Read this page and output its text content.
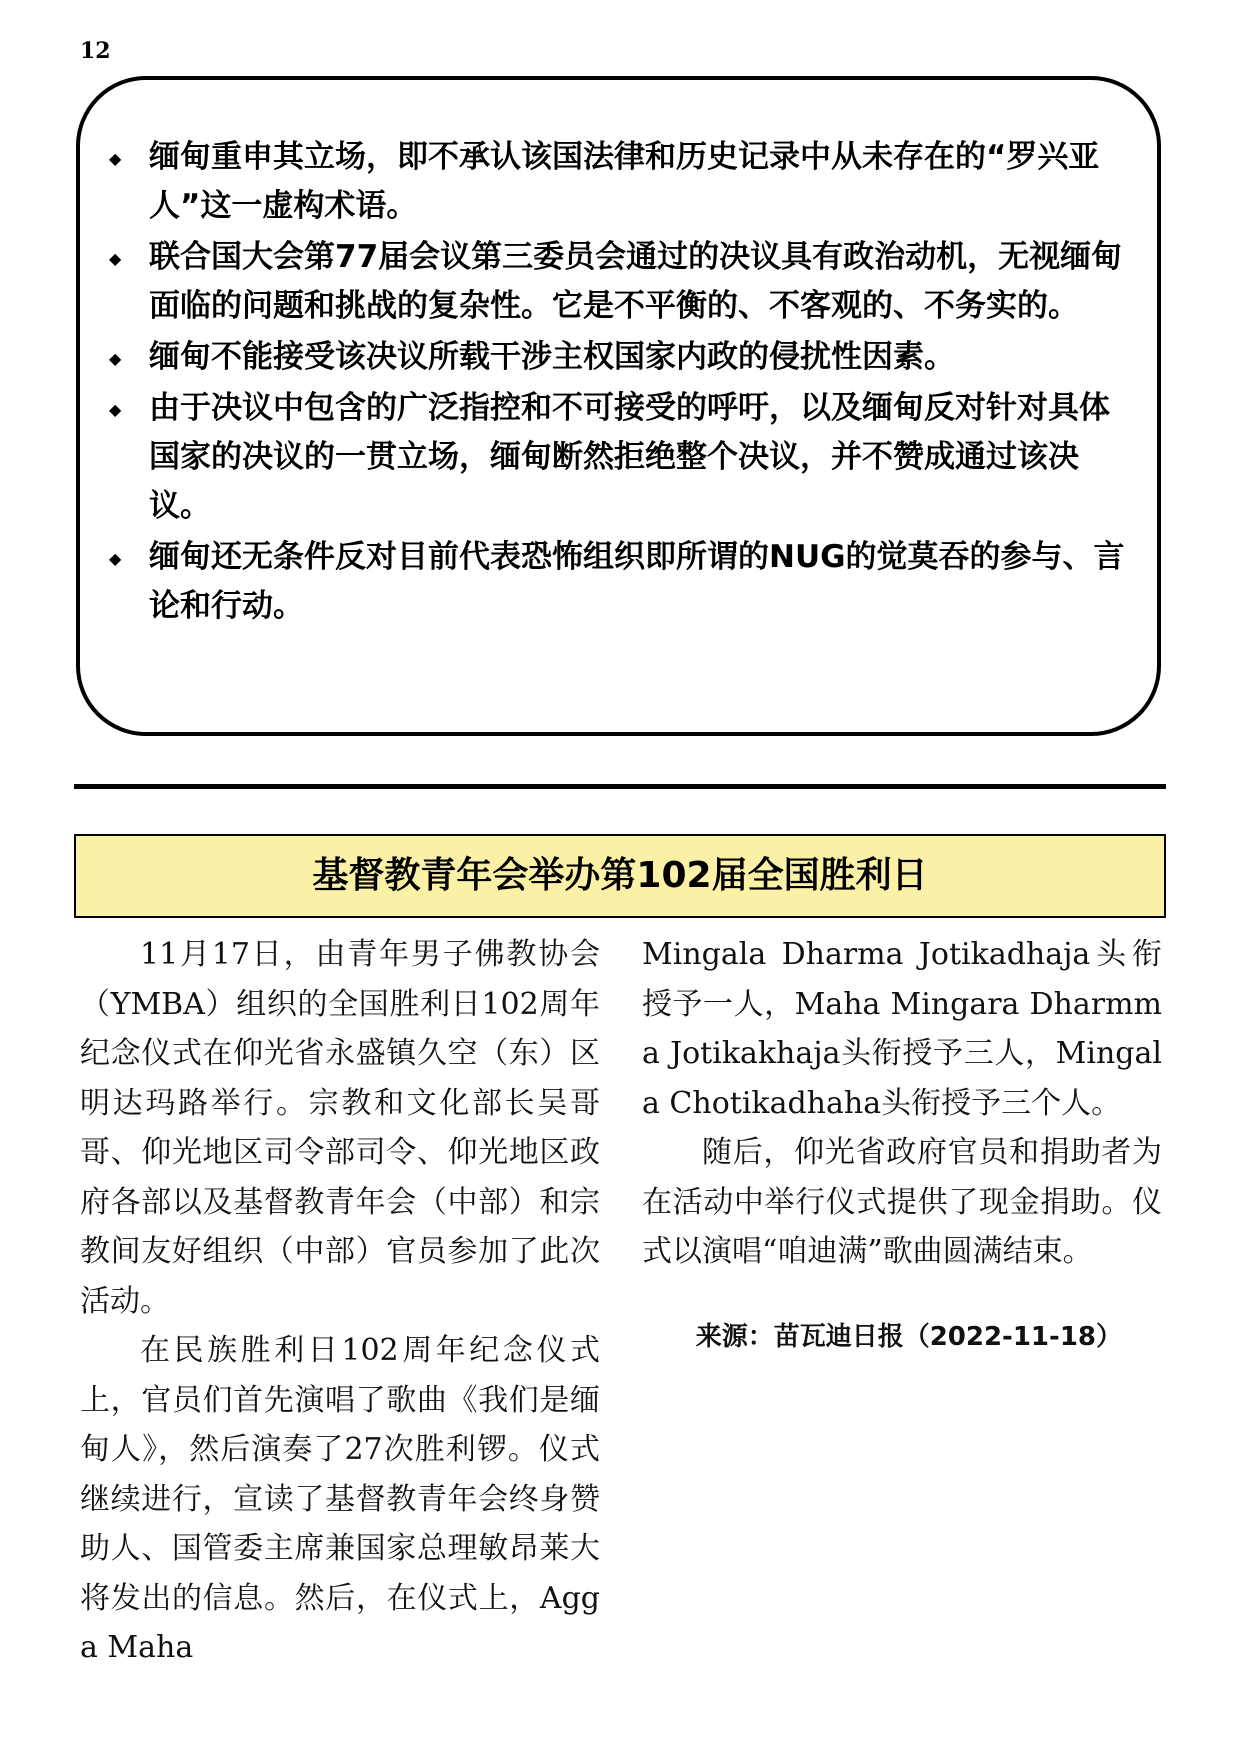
12
◆ 缅甸重申其立场，即不承认该国法律和历史记录中从未存在的“罗兴亚人”这一虚构术语。
◆ 联合国大会第77届会议第三委员会通过的决议具有政治动机，无视缅甸面临的问题和挑战的复杂性。它是不平衡的、不客观的、不务实的。
◆ 缅甸不能接受该决议所载干涉主权国家内政的侵扰性因素。
◆ 由于决议中包含的广泛指控和不可接受的呼吁，以及缅甸反对针对具体国家的决议的一贯立场，缅甸断然拒绝整个决议，并不赞成通过该决议。
◆ 缅甸还无条件反对目前代表恐怖组织即所谓的NUG的觉莫吞的参与、言论和行动。
基督教青年会举办第102届全国胜利日

11月17日，由青年男子佛教协会（YMBA）组织的全国胜利日102周年纪念仪式在仰光省永盛镇久空（东）区明达玛路举行。宗教和文化部长吴哥哥、仰光地区司令部司令、仰光地区政府各部以及基督教青年会（中部）和宗教间友好组织（中部）官员参加了此次活动。

在民族胜利日102周年纪念仪式上，官员们首先演唱了歌曲《我们是缅甸人》，然后演奏了27次胜利锣。仪式继续进行，宣读了基督教青年会终身赞助人、国管委主席兼国家总理敏昂莱大将发出的信息。然后，在仪式上，Agga Maha

Mingala Dharma Jotikadhaja头衔授予一人，Maha Mingara Dharmma Jotikakhaja头衔授予三人，Mingala Chotikadhaha头衔授予三个人。

随后，仰光省政府官员和捐助者为在活动中举行仪式提供了现金捐助。仪式以演唱“咱迪满”歌曲圆满结束。

来源：苗瓦迪日报（2022-11-18）
